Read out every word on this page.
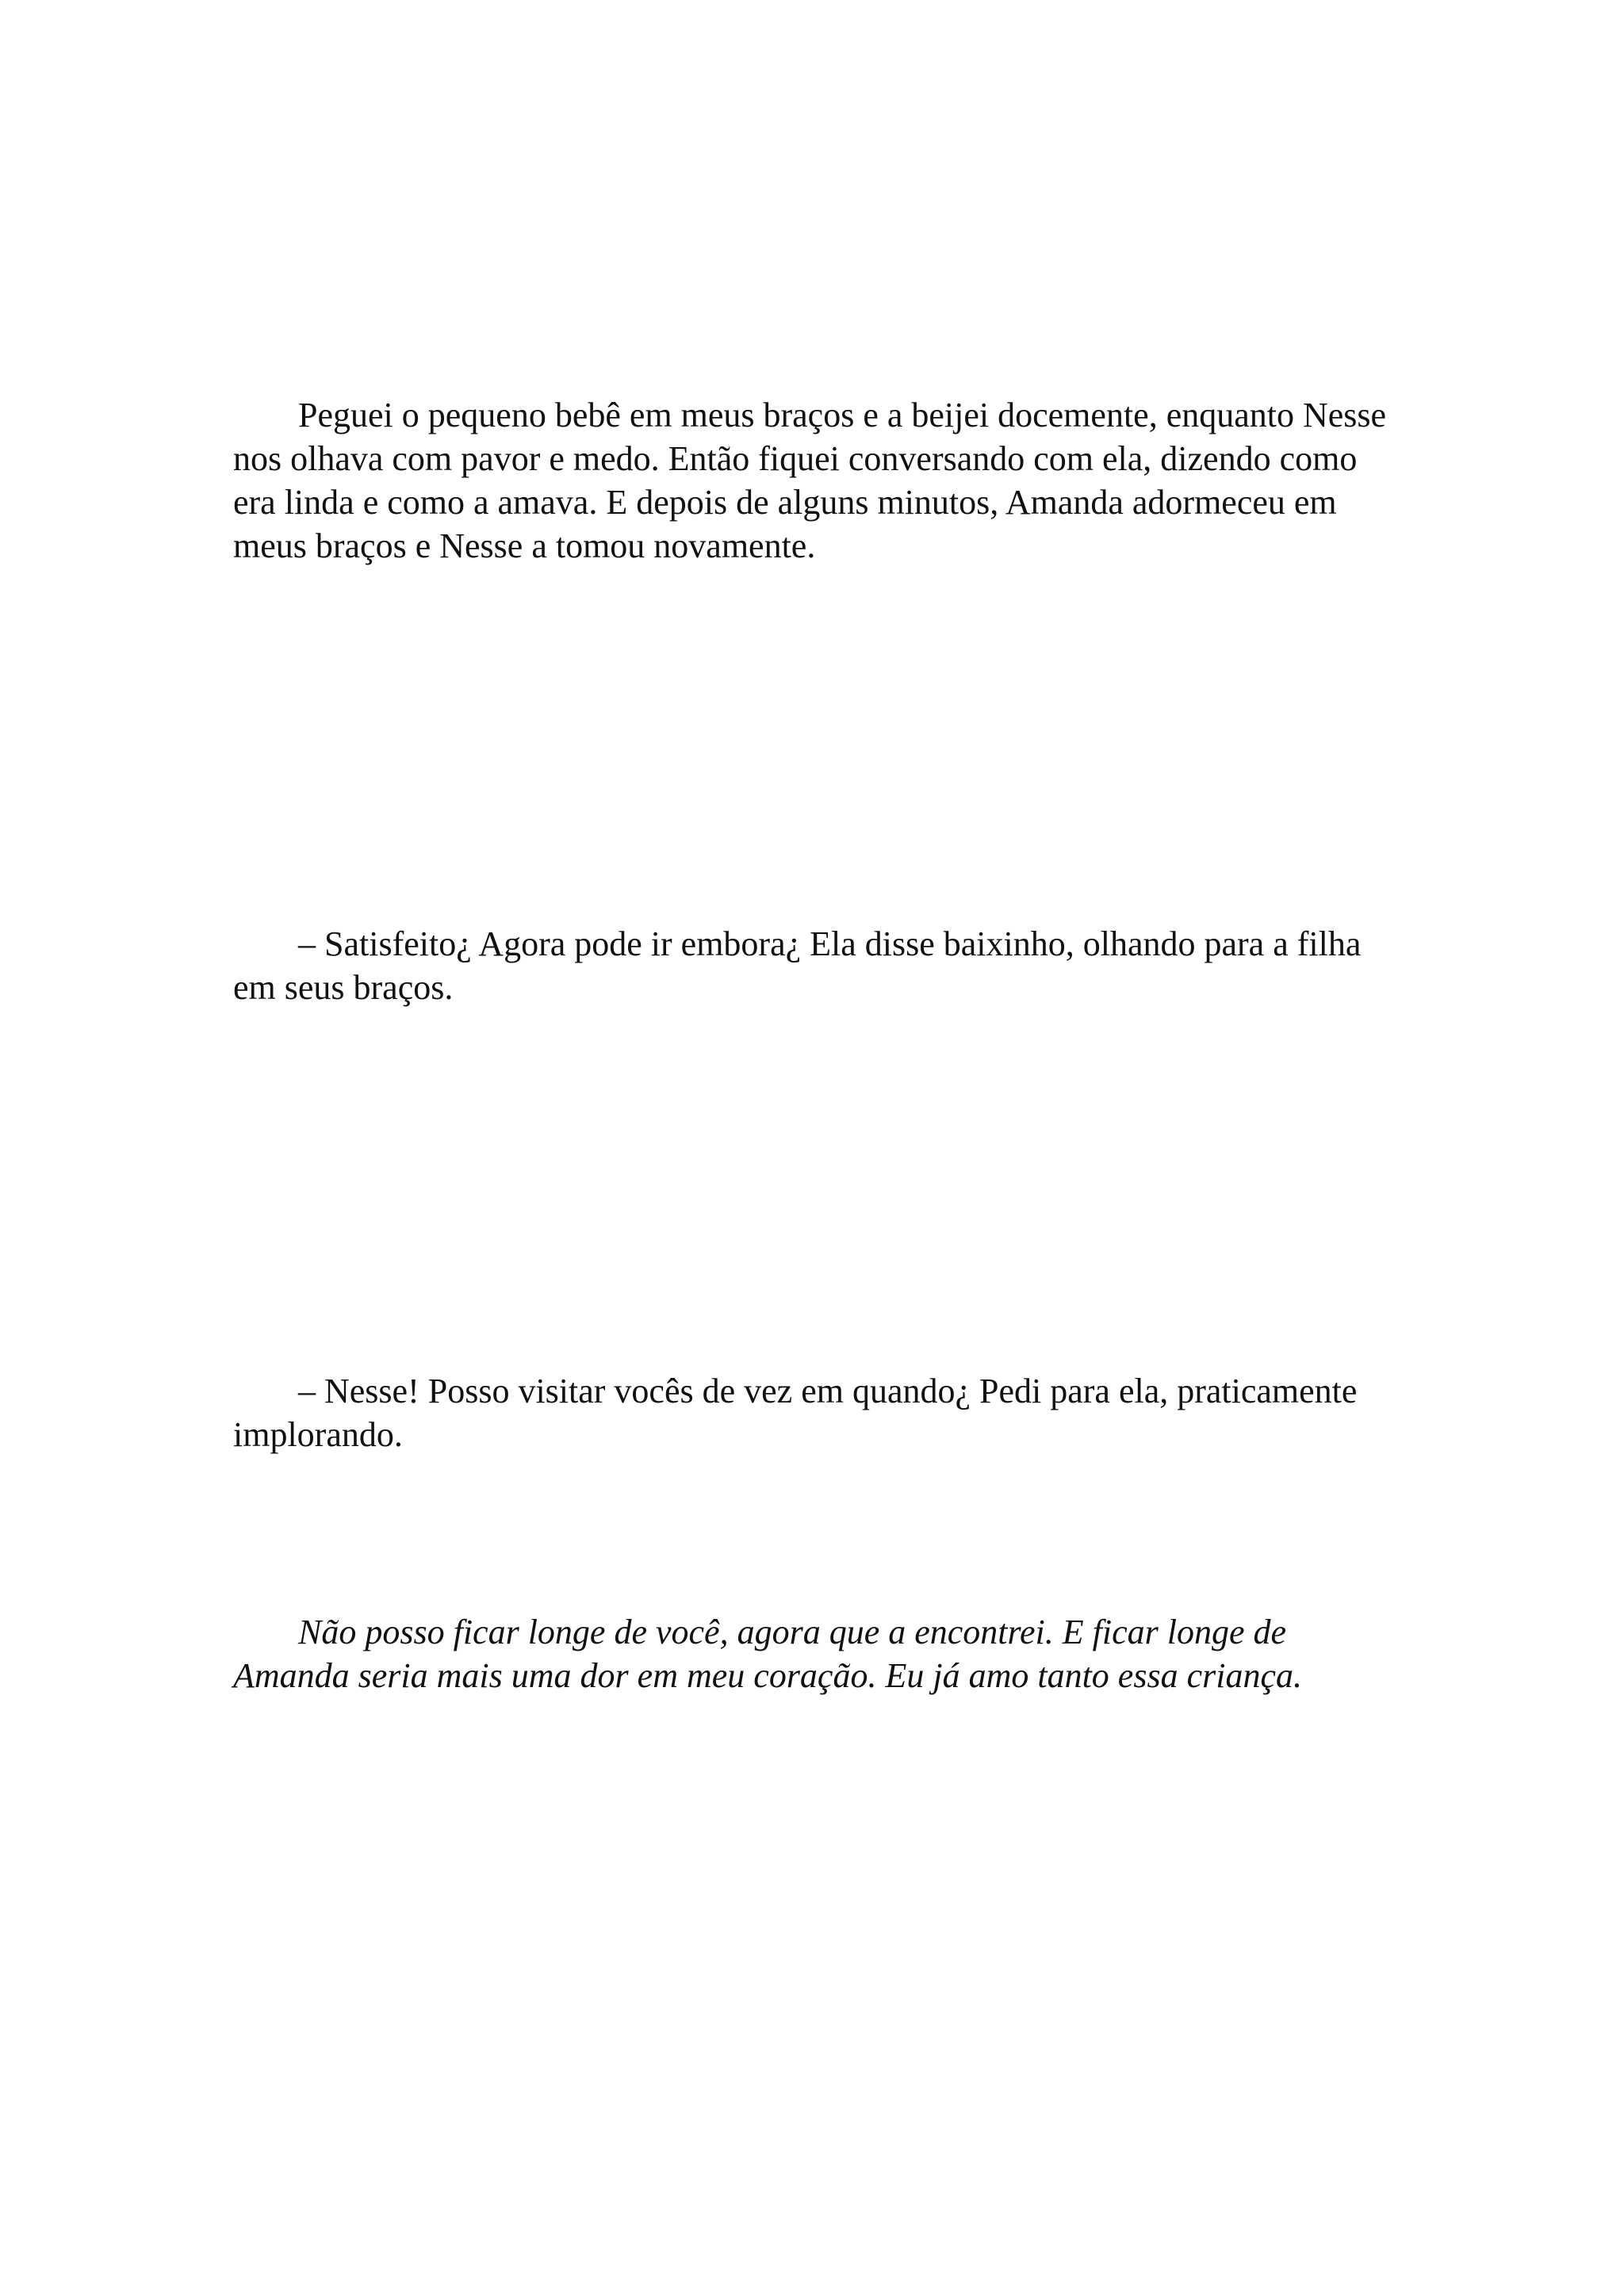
Peguei o pequeno bebê em meus braços e a beijei docemente, enquanto Nesse nos olhava com pavor e medo. Então fiquei conversando com ela, dizendo como era linda e como a amava. E depois de alguns minutos, Amanda adormeceu em meus braços e Nesse a tomou novamente.

– Satisfeito¿ Agora pode ir embora¿ Ela disse baixinho, olhando para a filha em seus braços.

– Nesse! Posso visitar vocês de vez em quando¿ Pedi para ela, praticamente implorando.

Não posso ficar longe de você, agora que a encontrei. E ficar longe de Amanda seria mais uma dor em meu coração. Eu já amo tanto essa criança.
